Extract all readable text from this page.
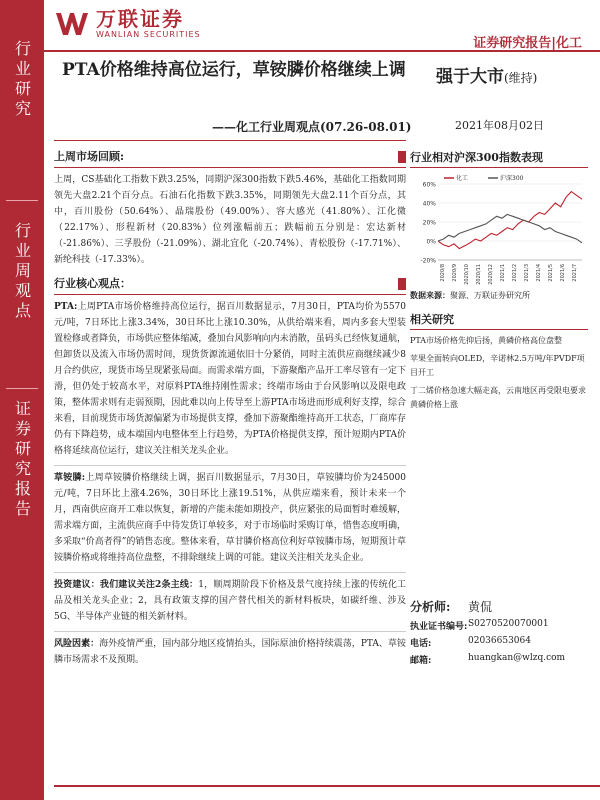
行业研究
行业周观点
证券研究报告
万联证券
WANLIAN SECURITIES
证券研究报告|化工
PTA价格维持高位运行，草铵膦价格继续上调
——化工行业周观点(07.26-08.01)
强于大市(维持)
2021年08月02日
上周市场回顾:

上周，CS基础化工指数下跌3.25%，同期沪深300指数下跌5.46%，基础化工指数同期领先大盘2.21个百分点。石油石化指数下跌3.35%，同期领先大盘2.11个百分点，其中，百川股份（50.64%）、晶瑞股份（49.00%）、容大感光（41.80%）、江化微（22.17%）、形程新材（20.83%）位列涨幅前五；跌幅前五分别是：宏达新材（-21.86%）、三孚股份（-21.09%）、湖北宜化（-20.74%）、青松股份（-17.71%）、新纶科技（-17.33%）。

行业核心观点：

PTA:上周PTA市场价格维持高位运行，据百川数据显示，7月30日，PTA均价为5570元/吨，7日环比上涨3.34%，30日环比上涨10.30%，从供给端来看，周内多套大型装置检修或者降负，市场供应整体缩减，叠加台风影响向内未消散，虽码头已经恢复通航，但卸货以及流入市场仍需时间，现货货源流通依旧十分紧俏，同时主流供应商继续减少8月合约供应，现货市场呈现紧张局面。而需求端方面，下游聚酯产品开工率尽管有一定下滑，但仍处于较高水平，对原料PTA维持刚性需求；终端市场由于台风影响以及限电政策，整体需求则有走弱预期，因此难以向上传导至上游PTA市场进而形成利好支撑，综合来看，目前现货市场货源偏紧为市场提供支撑，叠加下游聚酯维持高开工状态，厂商库存仍有下降趋势，成本端国内电整体至上行趋势，为PTA价格提供支撑，预计短期内PTA价格将延续高位运行，建议关注相关龙头企业。

草铵膦:上周草铵膦价格继续上调，据百川数据显示，7月30日，草铵膦均价为245000元/吨，7日环比上涨4.26%，30日环比上涨19.51%，从供应端来看，预计未来一个月，西南供应商开工难以恢复，新增的产能未能如期投产，供应紧张的局面暂时难缓解，需求端方面，主流供应商手中待发货订单较多，对于市场临时采购订单，惜售态度明确，多采取“价高者得”的销售态度。整体来看，草甘膦价格高位利好草铵膦市场，短期预计草铵膦价格或将维持高位盘整，不排除继续上调的可能。建议关注相关龙头企业。

投资建议：我们建议关注2条主线：1，顺周期阶段下价格及景气度持续上涨的传统化工品及相关龙头企业；2，具有政策支撑的国产替代相关的新材料板块，如碳纤维、涉及5G、半导体产业链的相关新材料。

风险因素：海外疫情严重，国内部分地区疫情抬头，国际原油价格持续震荡，PTA、草铵膦市场需求不及预期。

行业相对沪深300指数表现
-20%
0%
20%
40%
60%
2020/8 2020/9 2020/10 2020/11 2020/12 2021/1 2021/2 2021/3 2021/4 2021/5 2021/6 2021/7
化工	沪深300
数据来源：聚源、万联证券研究所
相关研究
PTA市场价格先抑后扬，黄磷价格高位盘整
苹果全面转向OLED，辛诺林2.5万吨/年PVDF项目开工
丁二烯价格急速大幅走高，云南地区再受限电要求黄磷价格上涨
分析师:	黄侃
执业证书编号: S0270520070001
电话:	02036653064
邮箱:	huangkan@wlzq.com
